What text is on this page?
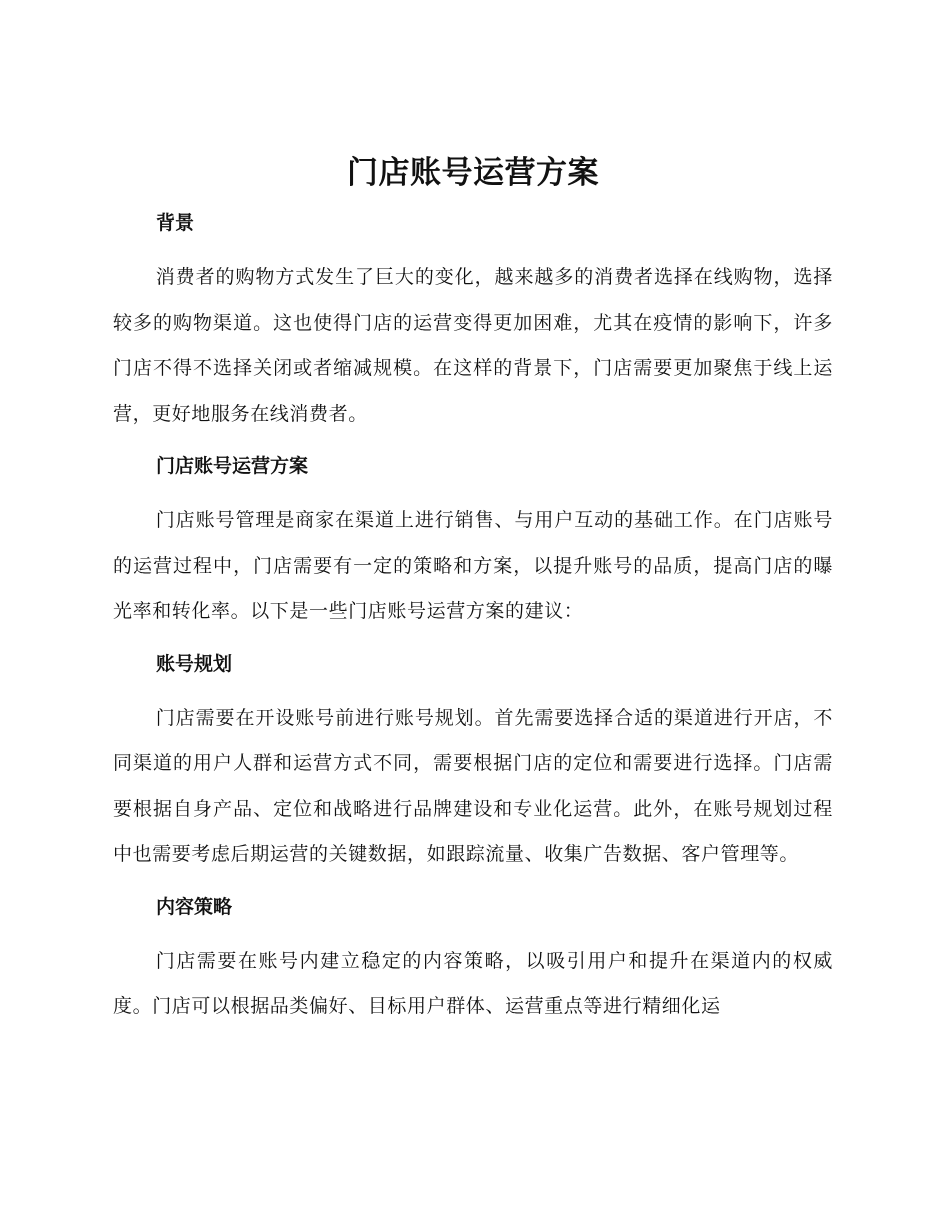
门店账号运营方案
背景

消费者的购物方式发生了巨大的变化，越来越多的消费者选择在线购物，选择较多的购物渠道。这也使得门店的运营变得更加困难，尤其在疫情的影响下，许多门店不得不选择关闭或者缩减规模。在这样的背景下，门店需要更加聚焦于线上运营，更好地服务在线消费者。

门店账号运营方案

门店账号管理是商家在渠道上进行销售、与用户互动的基础工作。在门店账号的运营过程中，门店需要有一定的策略和方案，以提升账号的品质，提高门店的曝光率和转化率。以下是一些门店账号运营方案的建议：

账号规划

门店需要在开设账号前进行账号规划。首先需要选择合适的渠道进行开店，不同渠道的用户人群和运营方式不同，需要根据门店的定位和需要进行选择。门店需要根据自身产品、定位和战略进行品牌建设和专业化运营。此外，在账号规划过程中也需要考虑后期运营的关键数据，如跟踪流量、收集广告数据、客户管理等。

内容策略

门店需要在账号内建立稳定的内容策略，以吸引用户和提升在渠道内的权威度。门店可以根据品类偏好、目标用户群体、运营重点等进行精细化运
